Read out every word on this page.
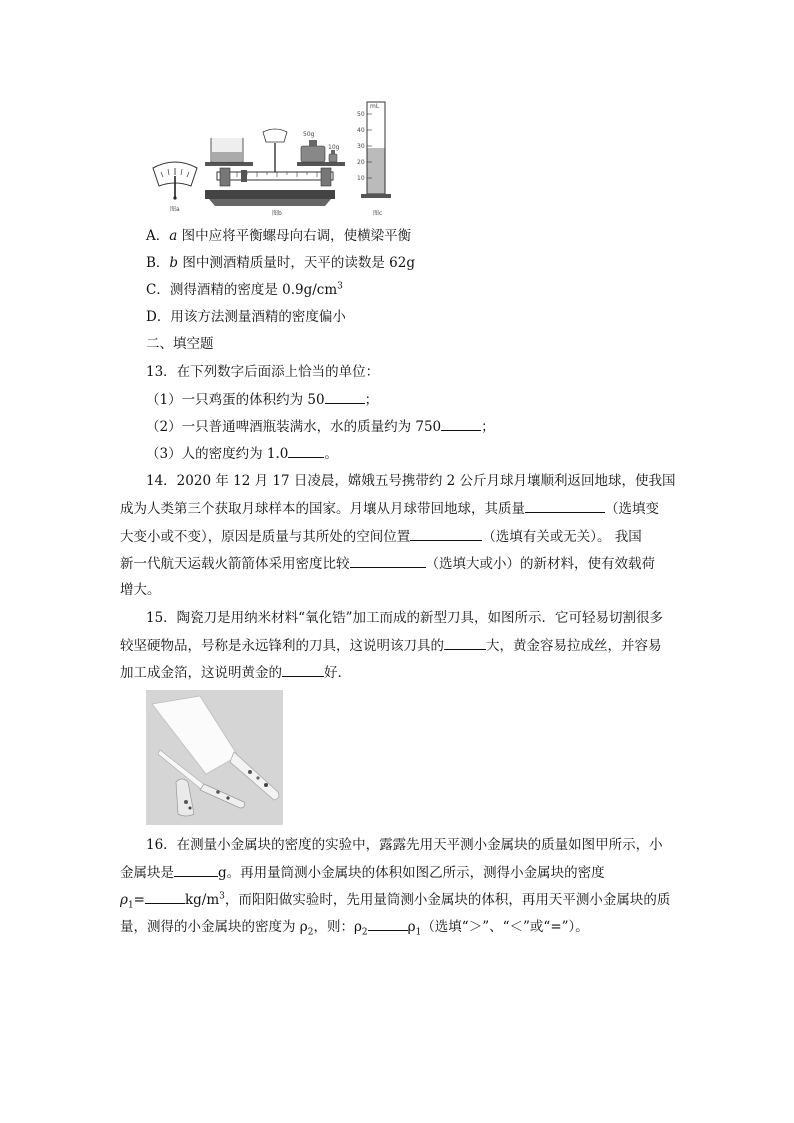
图a
50g
10g
图b
mL
50
40
30
20
10
图c
A．a 图中应将平衡螺母向右调，使横梁平衡
B．b 图中测酒精质量时，天平的读数是 62g
C．测得酒精的密度是 $0.9g/cm^3$
D．用该方法测量酒精的密度偏小
二、填空题
13．在下列数字后面添上恰当的单位：
（1）一只鸡蛋的体积约为 50	；
（2）一只普通啤酒瓶装满水，水的质量约为 750	；
（3）人的密度约为 1.0	。
14．2020 年 12 月 17 日凌晨，嫦娥五号携带约 2 公斤月球月壤顺利返回地球，使我国
成为人类第三个获取月球样本的国家。月壤从月球带回地球，其质量	（选填变
大变小或不变），原因是质量与其所处的空间位置	（选填有关或无关）。 我国
新一代航天运载火箭箭体采用密度比较	（选填大或小）的新材料，使有效载荷
增大。
15．陶瓷刀是用纳米材料“氧化锆”加工而成的新型刀具，如图所示．它可轻易切割很多
较坚硬物品，号称是永远锋利的刀具，这说明该刀具的	大，黄金容易拉成丝，并容易
加工成金箔，这说明黄金的	好．
16．在测量小金属块的密度的实验中，露露先用天平测小金属块的质量如图甲所示，小
金属块是	g。再用量筒测小金属块的体积如图乙所示，测得小金属块的密度
$\rho_1=$	$kg/m^3$，而阳阳做实验时，先用量筒测小金属块的体积，再用天平测小金属块的质
量，测得的小金属块的密度为 $\rho_2$，则：$\rho_2$	$\rho_1$（选填“＞”、“＜”或“=”）。
